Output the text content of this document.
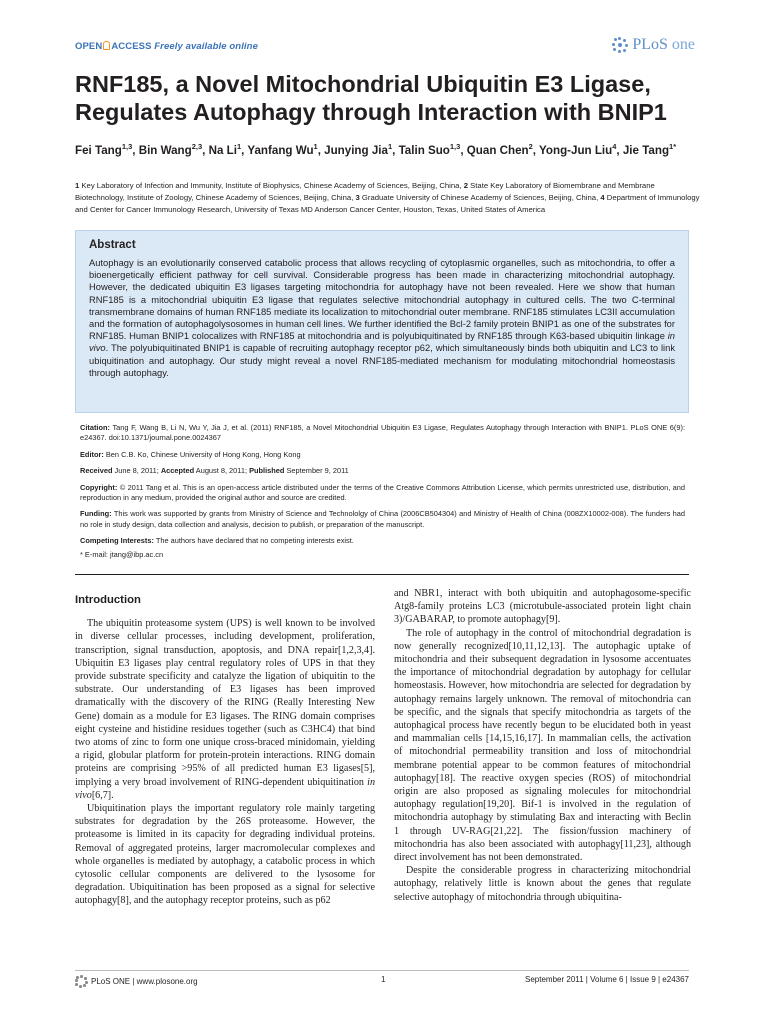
OPEN ACCESS Freely available online	PLoS one
RNF185, a Novel Mitochondrial Ubiquitin E3 Ligase, Regulates Autophagy through Interaction with BNIP1
Fei Tang$^{1,3}$, Bin Wang$^{2,3}$, Na Li$^1$, Yanfang Wu$^1$, Junying Jia$^1$, Talin Suo$^{1,3}$, Quan Chen$^2$, Yong-Jun Liu$^4$, Jie Tang$^{1*}$
1 Key Laboratory of Infection and Immunity, Institute of Biophysics, Chinese Academy of Sciences, Beijing, China, 2 State Key Laboratory of Biomembrane and Membrane Biotechnology, Institute of Zoology, Chinese Academy of Sciences, Beijing, China, 3 Graduate University of Chinese Academy of Sciences, Beijing, China, 4 Department of Immunology and Center for Cancer Immunology Research, University of Texas MD Anderson Cancer Center, Houston, Texas, United States of America
Abstract

Autophagy is an evolutionarily conserved catabolic process that allows recycling of cytoplasmic organelles, such as mitochondria, to offer a bioenergetically efficient pathway for cell survival. Considerable progress has been made in characterizing mitochondrial autophagy. However, the dedicated ubiquitin E3 ligases targeting mitochondria for autophagy have not been revealed. Here we show that human RNF185 is a mitochondrial ubiquitin E3 ligase that regulates selective mitochondrial autophagy in cultured cells. The two C-terminal transmembrane domains of human RNF185 mediate its localization to mitochondrial outer membrane. RNF185 stimulates LC3II accumulation and the formation of autophagolysosomes in human cell lines. We further identified the Bcl-2 family protein BNIP1 as one of the substrates for RNF185. Human BNIP1 colocalizes with RNF185 at mitochondria and is polyubiquitinated by RNF185 through K63-based ubiquitin linkage in vivo. The polyubiquitinated BNIP1 is capable of recruiting autophagy receptor p62, which simultaneously binds both ubiquitin and LC3 to link ubiquitination and autophagy. Our study might reveal a novel RNF185-mediated mechanism for modulating mitochondrial homeostasis through autophagy.

Citation: Tang F, Wang B, Li N, Wu Y, Jia J, et al. (2011) RNF185, a Novel Mitochondrial Ubiquitin E3 Ligase, Regulates Autophagy through Interaction with BNIP1. PLoS ONE 6(9): e24367. doi:10.1371/journal.pone.0024367

Editor: Ben C.B. Ko, Chinese University of Hong Kong, Hong Kong

Received June 8, 2011; Accepted August 8, 2011; Published September 9, 2011

Copyright: © 2011 Tang et al. This is an open-access article distributed under the terms of the Creative Commons Attribution License, which permits unrestricted use, distribution, and reproduction in any medium, provided the original author and source are credited.

Funding: This work was supported by grants from Ministry of Science and Technololgy of China (2006CB504304) and Ministry of Health of China (008ZX10002-008). The funders had no role in study design, data collection and analysis, decision to publish, or preparation of the manuscript.

Competing Interests: The authors have declared that no competing interests exist.

* E-mail: jtang@ibp.ac.cn

Introduction

The ubiquitin proteasome system (UPS) is well known to be involved in diverse cellular processes, including development, proliferation, transcription, signal transduction, apoptosis, and DNA repair[1,2,3,4]. Ubiquitin E3 ligases play central regulatory roles of UPS in that they provide substrate specificity and catalyze the ligation of ubiquitin to the substrate. Our understanding of E3 ligases has been improved dramatically with the discovery of the RING (Really Interesting New Gene) domain as a module for E3 ligases. The RING domain comprises eight cysteine and histidine residues together (such as C3HC4) that bind two atoms of zinc to form one unique cross-braced minidomain, yielding a rigid, globular platform for protein-protein interactions. RING domain proteins are comprising >95% of all predicted human E3 ligases[5], implying a very broad involvement of RING-dependent ubiquitination in vivo[6,7].

Ubiquitination plays the important regulatory role mainly targeting substrates for degradation by the 26S proteasome. However, the proteasome is limited in its capacity for degrading individual proteins. Removal of aggregated proteins, larger macromolecular complexes and whole organelles is mediated by autophagy, a catabolic process in which cytosolic cellular components are delivered to the lysosome for degradation. Ubiquitination has been proposed as a signal for selective autophagy[8], and the autophagy receptor proteins, such as p62

and NBR1, interact with both ubiquitin and autophagosome-specific Atg8-family proteins LC3 (microtubule-associated protein light chain 3)/GABARAP, to promote autophagy[9].

The role of autophagy in the control of mitochondrial degradation is now generally recognized[10,11,12,13]. The autophagic uptake of mitochondria and their subsequent degradation in lysosome accentuates the importance of mitochondrial degradation by autophagy for cellular homeostasis. However, how mitochondria are selected for degradation by autophagy remains largely unknown. The removal of mitochondria can be specific, and the signals that specify mitochondria as targets of the autophagical process have recently begun to be elucidated both in yeast and mammalian cells [14,15,16,17]. In mammalian cells, the activation of mitochondrial permeability transition and loss of mitochondrial membrane potential appear to be common features of mitochondrial autophagy[18]. The reactive oxygen species (ROS) of mitochondrial origin are also proposed as signaling molecules for mitochondrial autophagy regulation[19,20]. Bif-1 is involved in the regulation of mitochondria autophagy by stimulating Bax and interacting with Beclin 1 through UV-RAG[21,22]. The fission/fussion machinery of mitochondria has also been associated with autophagy[11,23], although direct involvement has not been demonstrated.

Despite the considerable progress in characterizing mitochondrial autophagy, relatively little is known about the genes that regulate selective autophagy of mitochondria through ubiquitina-

PLoS ONE | www.plosone.org	1	September 2011 | Volume 6 | Issue 9 | e24367
